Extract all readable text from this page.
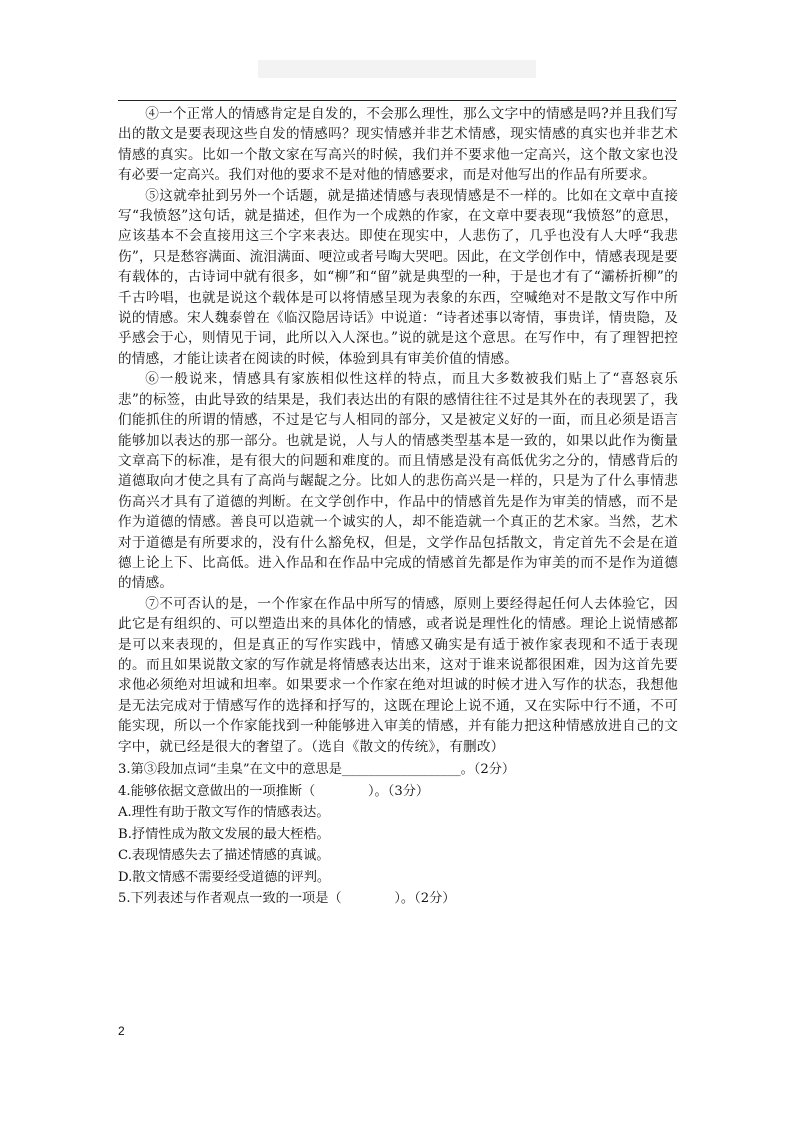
④一个正常人的情感肯定是自发的，不会那么理性，那么文字中的情感是吗?并且我们写出的散文是要表现这些自发的情感吗？现实情感并非艺术情感，现实情感的真实也并非艺术情感的真实。比如一个散文家在写高兴的时候，我们并不要求他一定高兴，这个散文家也没有必要一定高兴。我们对他的要求不是对他的情感要求，而是对他写出的作品有所要求。

⑤这就牵扯到另外一个话题，就是描述情感与表现情感是不一样的。比如在文章中直接写“我愤怒”这句话，就是描述，但作为一个成熟的作家，在文章中要表现“我愤怒”的意思，应该基本不会直接用这三个字来表达。即使在现实中，人悲伤了，几乎也没有人大呼“我悲伤”，只是愁容满面、流泪满面、哽泣或者号啕大哭吧。因此，在文学创作中，情感表现是要有载体的，古诗词中就有很多，如“柳”和“留”就是典型的一种，于是也才有了“灞桥折柳”的千古吟唱，也就是说这个载体是可以将情感呈现为表象的东西，空喊绝对不是散文写作中所说的情感。宋人魏泰曾在《临汉隐居诗话》中说道：“诗者述事以寄情，事贵详，情贵隐，及乎感会于心，则情见于词，此所以入人深也。”说的就是这个意思。在写作中，有了理智把控的情感，才能让读者在阅读的时候，体验到具有审美价值的情感。

⑥一般说来，情感具有家族相似性这样的特点，而且大多数被我们贴上了“喜怒哀乐悲”的标签，由此导致的结果是，我们表达出的有限的感情往往不过是其外在的表现罢了，我们能抓住的所谓的情感，不过是它与人相同的部分，又是被定义好的一面，而且必须是语言能够加以表达的那一部分。也就是说，人与人的情感类型基本是一致的，如果以此作为衡量文章高下的标准，是有很大的问题和难度的。而且情感是没有高低优劣之分的，情感背后的道德取向才使之具有了高尚与龌龊之分。比如人的悲伤高兴是一样的，只是为了什么事情悲伤高兴才具有了道德的判断。在文学创作中，作品中的情感首先是作为审美的情感，而不是作为道德的情感。善良可以造就一个诚实的人，却不能造就一个真正的艺术家。当然，艺术对于道德是有所要求的，没有什么豁免权，但是，文学作品包括散文，肯定首先不会是在道德上论上下、比高低。进入作品和在作品中完成的情感首先都是作为审美的而不是作为道德的情感。

⑦不可否认的是，一个作家在作品中所写的情感，原则上要经得起任何人去体验它，因此它是有组织的、可以塑造出来的具体化的情感，或者说是理性化的情感。理论上说情感都是可以来表现的，但是真正的写作实践中，情感又确实是有适于被作家表现和不适于表现的。而且如果说散文家的写作就是将情感表达出来，这对于谁来说都很困难，因为这首先要求他必须绝对坦诚和坦率。如果要求一个作家在绝对坦诚的时候才进入写作的状态，我想他是无法完成对于情感写作的选择和抒写的，这既在理论上说不通，又在实际中行不通，不可能实现，所以一个作家能找到一种能够进入审美的情感，并有能力把这种情感放进自己的文字中，就已经是很大的奢望了。（选自《散文的传统》，有删改）

3.第③段加点词“圭臬”在文中的意思是__________________。（2分）

4.能够依据文意做出的一项推断（　　　　）。（3分）

A.理性有助于散文写作的情感表达。

B.抒情性成为散文发展的最大桎梏。

C.表现情感失去了描述情感的真诚。

D.散文情感不需要经受道德的评判。

5.下列表述与作者观点一致的一项是（　　　　）。（2分）

2
